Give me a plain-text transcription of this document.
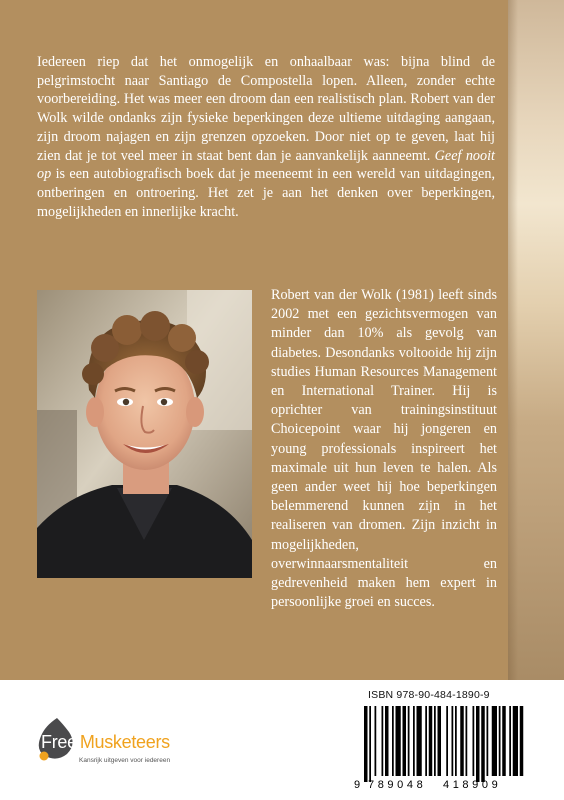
Iedereen riep dat het onmogelijk en onhaalbaar was: bijna blind de pelgrimstocht naar Santiago de Compostella lopen. Alleen, zonder echte voorbereiding. Het was meer een droom dan een realistisch plan. Robert van der Wolk wilde ondanks zijn fysieke beperkingen deze ultieme uitdaging aangaan, zijn droom najagen en zijn grenzen opzoeken. Door niet op te geven, laat hij zien dat je tot veel meer in staat bent dan je aanvankelijk aanneemt. Geef nooit op is een autobiografisch boek dat je meeneemt in een wereld van uitdagingen, ontberingen en ontroering. Het zet je aan het denken over beperkingen, mogelijkheden en innerlijke kracht.

Robert van der Wolk (1981) leeft sinds 2002 met een gezichtsvermogen van minder dan 10% als gevolg van diabetes. Desondanks voltooide hij zijn studies Human Resources Management en International Trainer. Hij is oprichter van trainingsinstituut Choicepoint waar hij jongeren en young professionals inspireert het maximale uit hun leven te halen. Als geen ander weet hij hoe beperkingen belemmerend kunnen zijn in het realiseren van dromen. Zijn inzicht in mogelijkheden, overwinnaarsmentaliteit en gedrevenheid maken hem expert in persoonlijke groei en succes.

Free Musketeers
Kansrijk uitgeven voor iedereen
ISBN 978-90-484-1890-9
9 789048 418909
